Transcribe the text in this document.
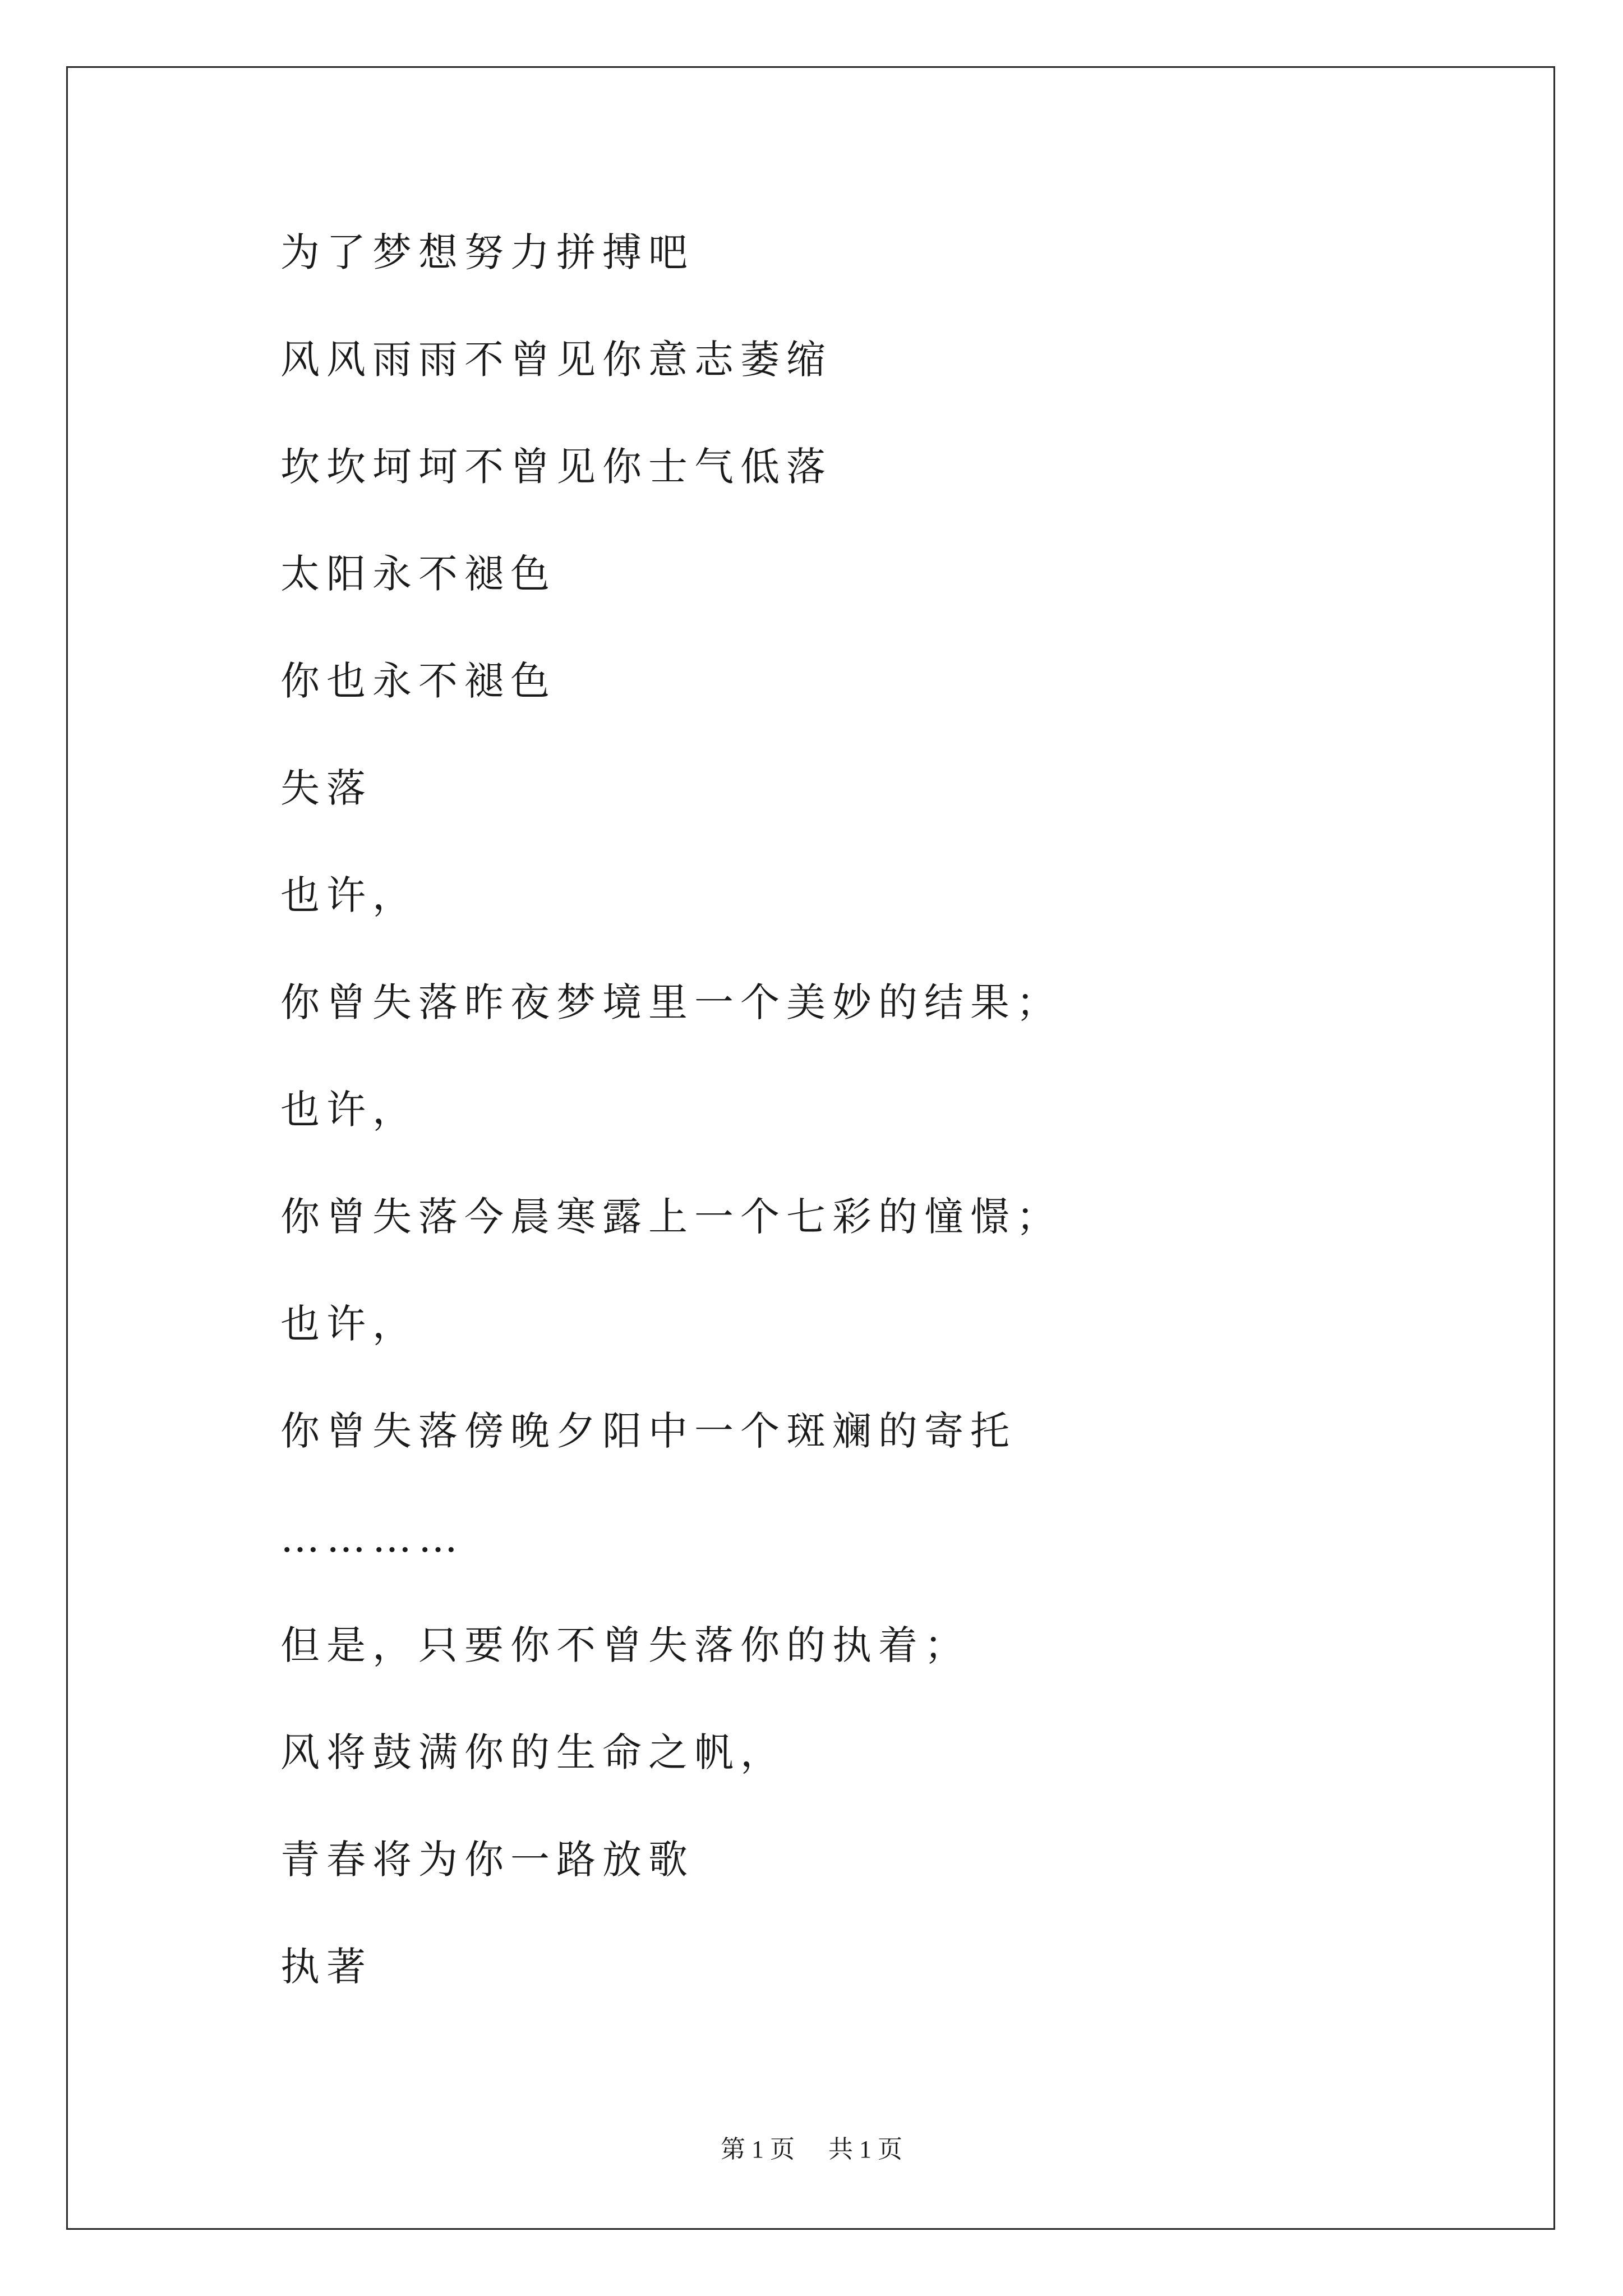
为了梦想努力拼搏吧
风风雨雨不曾见你意志萎缩
坎坎坷坷不曾见你士气低落
太阳永不褪色
你也永不褪色
失落
也许，
你曾失落昨夜梦境里一个美妙的结果；
也许，
你曾失落今晨寒露上一个七彩的憧憬；
也许，
你曾失落傍晚夕阳中一个斑斓的寄托
…………
但是，只要你不曾失落你的执着；
风将鼓满你的生命之帆，
青春将为你一路放歌
执著
第 1 页 共 1 页
